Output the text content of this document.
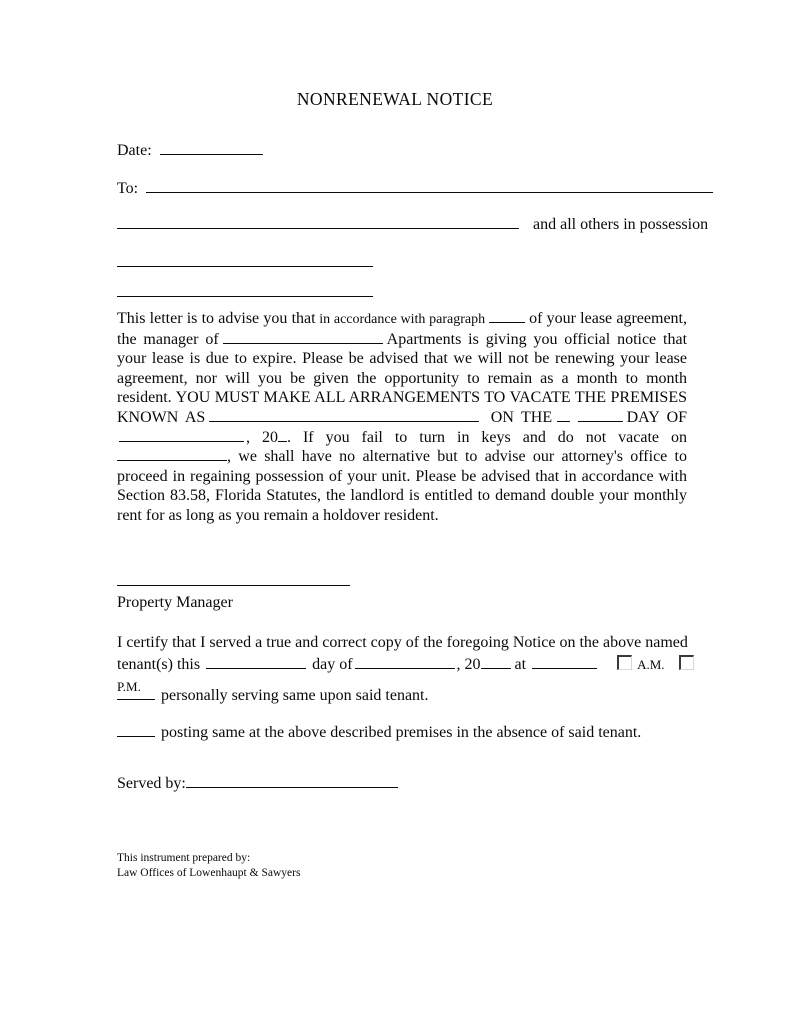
NONRENEWAL NOTICE
Date:
To:
and all others in possession

This letter is to advise you that in accordance with paragraph	of your lease agreement, the manager of	Apartments is giving you official notice that your lease is due to expire. Please be advised that we will not be renewing your lease agreement, nor will you be given the opportunity to remain as a month to month resident. YOU MUST MAKE ALL ARRANGEMENTS TO VACATE THE PREMISES KNOWN AS	ON THE	DAY OF , 20 . If you fail to turn in keys and do not vacate on, we shall have no alternative but to advise our attorney's office to proceed in regaining possession of your unit. Please be advised that in accordance with Section 83.58, Florida Statutes, the landlord is entitled to demand double your monthly rent for as long as you remain a holdover resident.

Property Manager

I certify that I served a true and correct copy of the foregoing Notice on the above named tenant(s) this	day of	, 20 at	A.M.P.M.

personally serving same upon said tenant.
posting same at the above described premises in the absence of said tenant.
Served by:
This instrument prepared by:
Law Offices of Lowenhaupt & Sawyers
